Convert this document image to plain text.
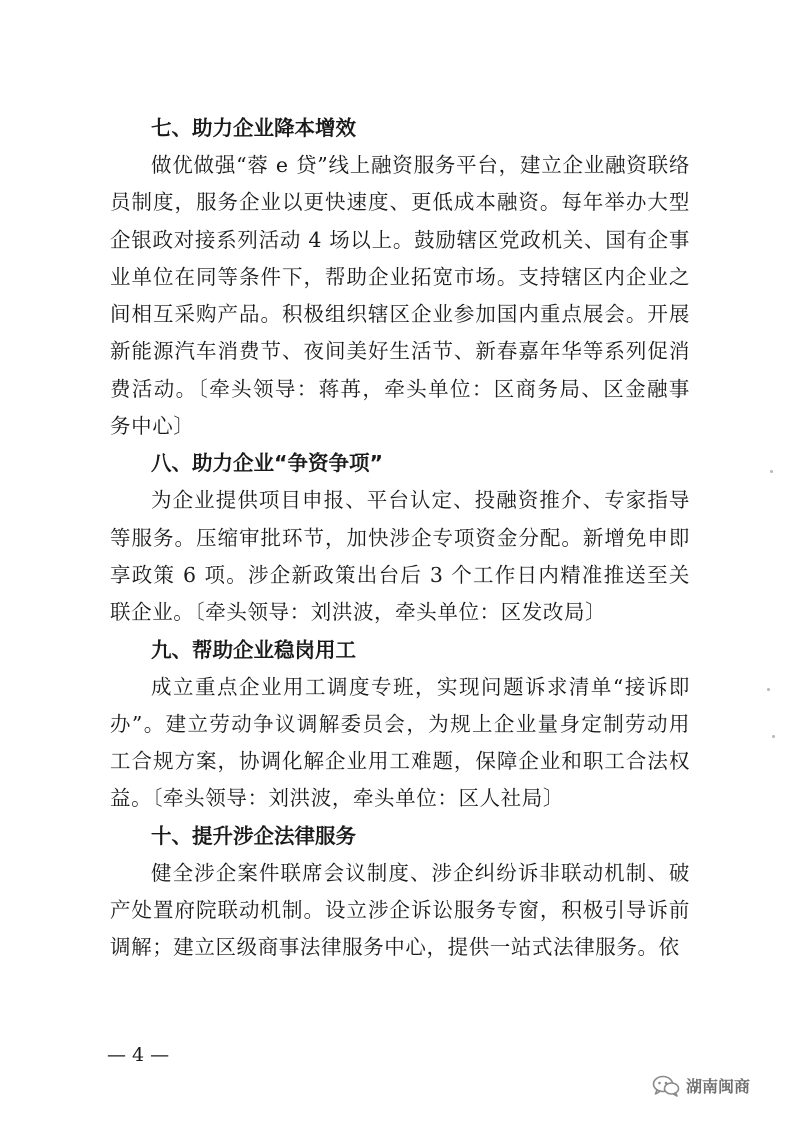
七、助力企业降本增效

做优做强“蓉 e 贷”线上融资服务平台，建立企业融资联络员制度，服务企业以更快速度、更低成本融资。每年举办大型企银政对接系列活动 4 场以上。鼓励辖区党政机关、国有企事业单位在同等条件下，帮助企业拓宽市场。支持辖区内企业之间相互采购产品。积极组织辖区企业参加国内重点展会。开展新能源汽车消费节、夜间美好生活节、新春嘉年华等系列促消费活动。〔牵头领导：蒋苒，牵头单位：区商务局、区金融事务中心〕

八、助力企业“争资争项”

为企业提供项目申报、平台认定、投融资推介、专家指导等服务。压缩审批环节，加快涉企专项资金分配。新增免申即享政策 6 项。涉企新政策出台后 3 个工作日内精准推送至关联企业。〔牵头领导：刘洪波，牵头单位：区发改局〕

九、帮助企业稳岗用工

成立重点企业用工调度专班，实现问题诉求清单“接诉即办”。建立劳动争议调解委员会，为规上企业量身定制劳动用工合规方案，协调化解企业用工难题，保障企业和职工合法权益。〔牵头领导：刘洪波，牵头单位：区人社局〕

十、提升涉企法律服务

健全涉企案件联席会议制度、涉企纠纷诉非联动机制、破产处置府院联动机制。设立涉企诉讼服务专窗，积极引导诉前调解；建立区级商事法律服务中心，提供一站式法律服务。依

— 4 —
湖南闽商
